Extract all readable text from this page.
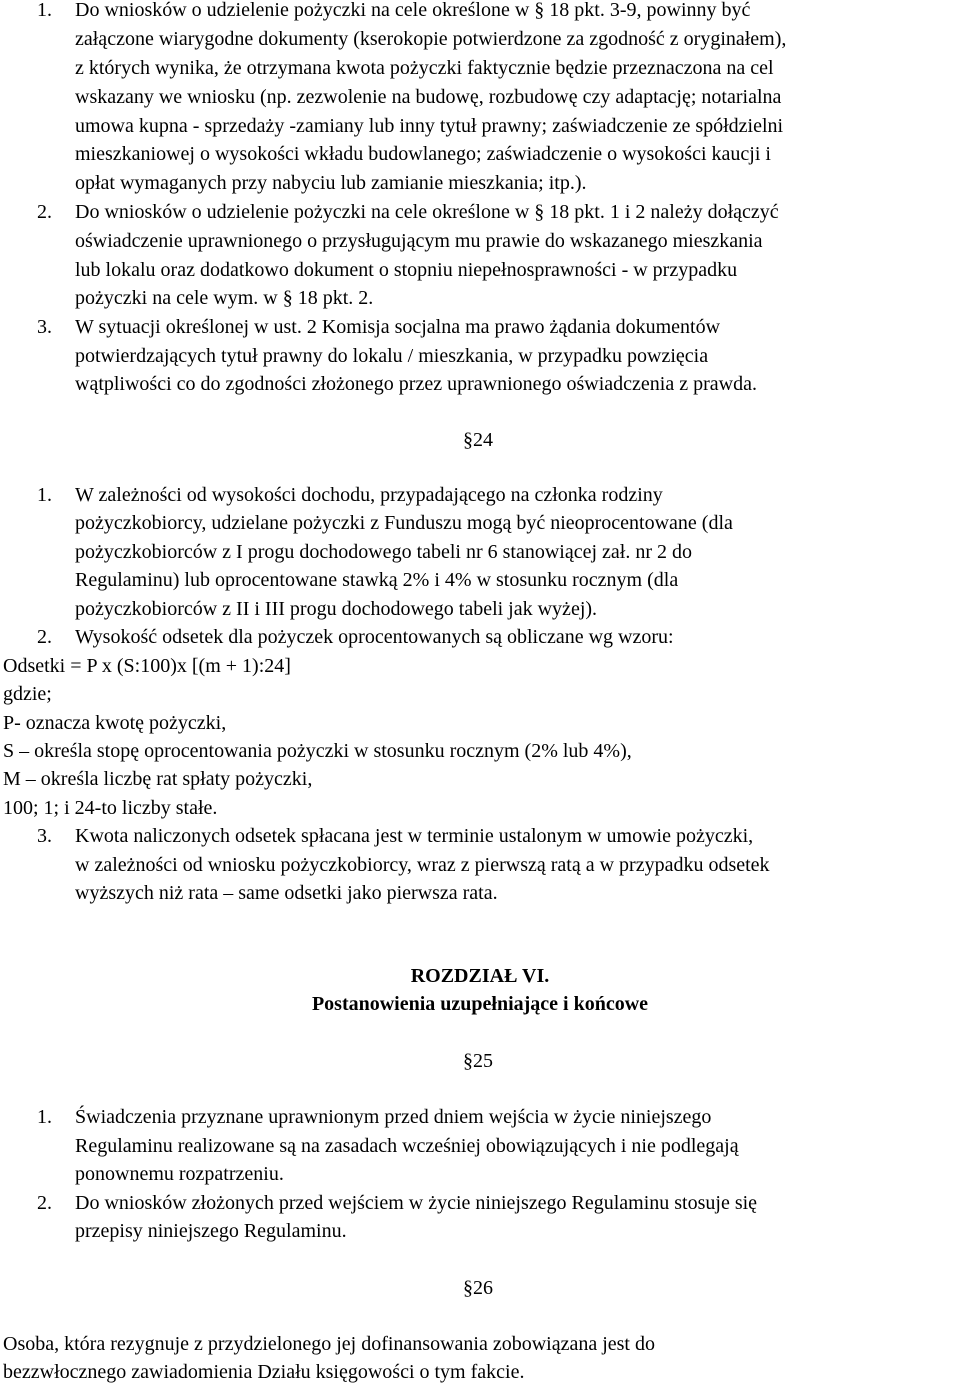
1. Do wniosków o udzielenie pożyczki na cele określone w § 18 pkt. 3-9, powinny być

załączone wiarygodne dokumenty (kserokopie potwierdzone za zgodność z oryginałem),

z których wynika, że otrzymana kwota pożyczki faktycznie będzie przeznaczona na cel

wskazany we wniosku (np. zezwolenie na budowę, rozbudowę czy adaptację; notarialna

umowa kupna - sprzedaży -zamiany lub inny tytuł prawny; zaświadczenie ze spółdzielni

mieszkaniowej o wysokości wkładu budowlanego; zaświadczenie o wysokości kaucji i

opłat wymaganych przy nabyciu lub zamianie mieszkania; itp.).

2. Do wniosków o udzielenie pożyczki na cele określone w § 18 pkt. 1 i 2 należy dołączyć

oświadczenie uprawnionego o przysługującym mu prawie do wskazanego mieszkania

lub lokalu oraz dodatkowo dokument o stopniu niepełnosprawności - w przypadku

pożyczki na cele wym. w § 18 pkt. 2.

3. W sytuacji określonej w ust. 2 Komisja socjalna ma prawo żądania dokumentów

potwierdzających tytuł prawny do lokalu / mieszkania, w przypadku powzięcia

wątpliwości co do zgodności złożonego przez uprawnionego oświadczenia z prawda.

§24
1. W zależności od wysokości dochodu, przypadającego na członka rodziny

pożyczkobiorcy, udzielane pożyczki z Funduszu mogą być nieoprocentowane (dla

pożyczkobiorców z I progu dochodowego tabeli nr 6 stanowiącej zał. nr 2 do

Regulaminu) lub oprocentowane stawką 2% i 4% w stosunku rocznym (dla

pożyczkobiorców z II i III progu dochodowego tabeli jak wyżej).

2. Wysokość odsetek dla pożyczek oprocentowanych są obliczane wg wzoru:

Odsetki = P x (S:100)x [(m + 1):24]

gdzie;

P- oznacza kwotę pożyczki,

S – określa stopę oprocentowania pożyczki w stosunku rocznym (2% lub 4%),

M – określa liczbę rat spłaty pożyczki,

100; 1; i 24-to liczby stałe.

3. Kwota naliczonych odsetek spłacana jest w terminie ustalonym w umowie pożyczki,

w zależności od wniosku pożyczkobiorcy, wraz z pierwszą ratą a w przypadku odsetek

wyższych niż rata – same odsetki jako pierwsza rata.

ROZDZIAŁ VI.
Postanowienia uzupełniające i końcowe
§25
1. Świadczenia przyznane uprawnionym przed dniem wejścia w życie niniejszego

Regulaminu realizowane są na zasadach wcześniej obowiązujących i nie podlegają

ponownemu rozpatrzeniu.

2. Do wniosków złożonych przed wejściem w życie niniejszego Regulaminu stosuje się

przepisy niniejszego Regulaminu.

§26

Osoba, która rezygnuje z przydzielonego jej dofinansowania zobowiązana jest do

bezzwłocznego zawiadomienia Działu księgowości o tym fakcie.
